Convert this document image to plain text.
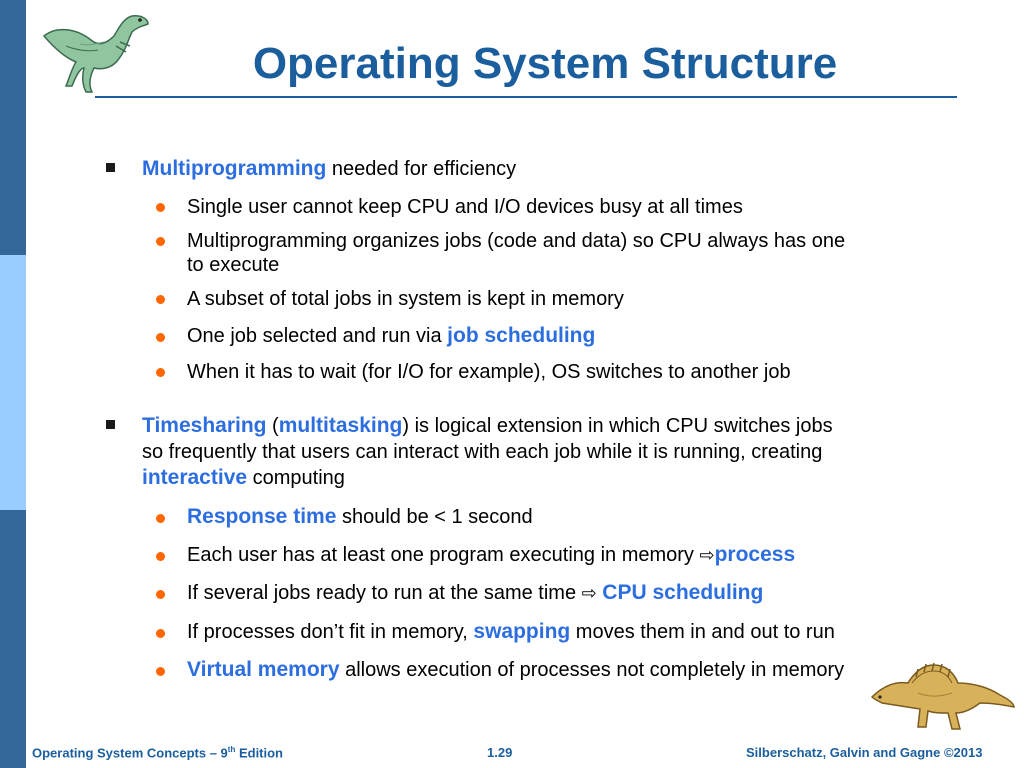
Operating System Structure
Multiprogramming needed for efficiency
Single user cannot keep CPU and I/O devices busy at all times
Multiprogramming organizes jobs (code and data) so CPU always has one
to execute
A subset of total jobs in system is kept in memory
One job selected and run via job scheduling
When it has to wait (for I/O for example), OS switches to another job
Timesharing (multitasking) is logical extension in which CPU switches jobs
so frequently that users can interact with each job while it is running, creating
interactive computing
Response time should be < 1 second
Each user has at least one program executing in memory ⇨process
If several jobs ready to run at the same time ⇨ CPU scheduling
If processes don’t fit in memory, swapping moves them in and out to run
Virtual memory allows execution of processes not completely in memory
Operating System Concepts – 9th Edition	1.29	Silberschatz, Galvin and Gagne ©2013
